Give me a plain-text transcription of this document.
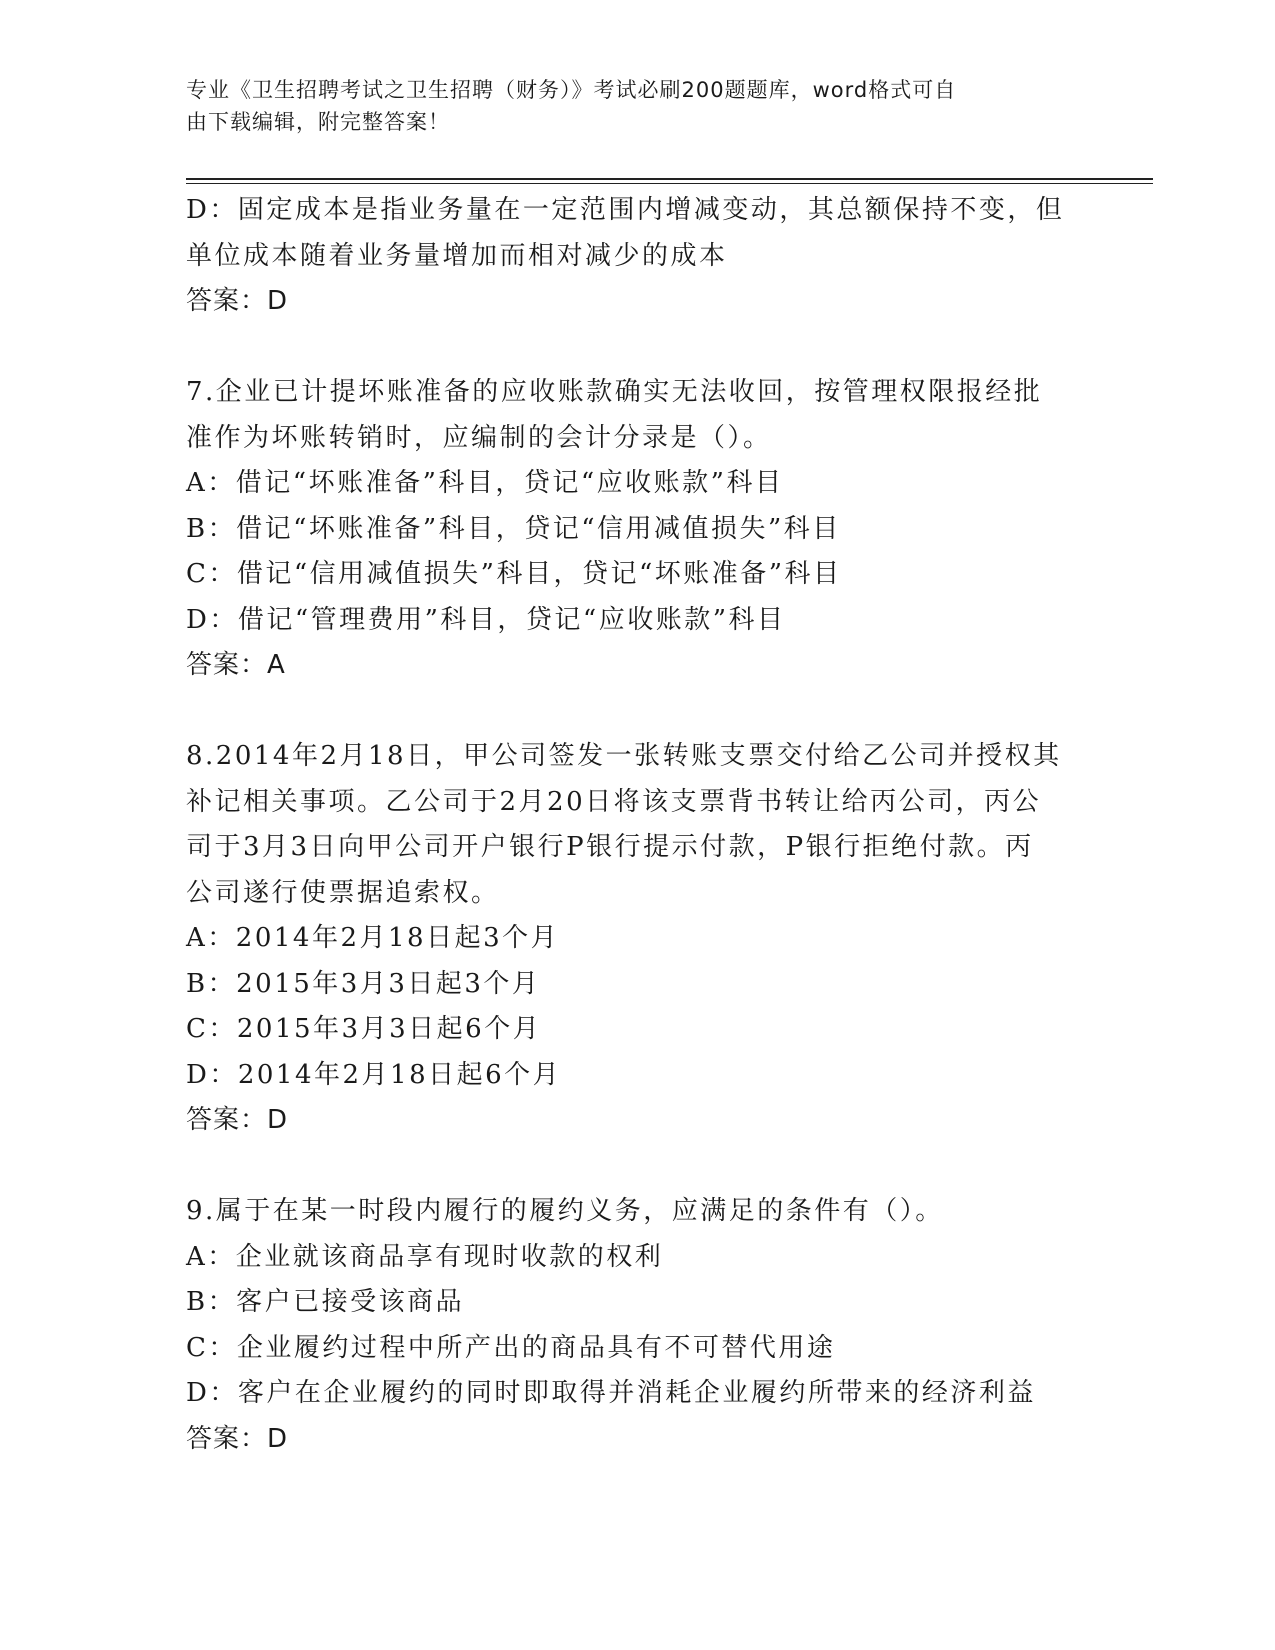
专业《卫生招聘考试之卫生招聘（财务）》考试必刷200题题库，word格式可自
由下载编辑，附完整答案！
D：固定成本是指业务量在一定范围内增减变动，其总额保持不变，但
单位成本随着业务量增加而相对减少的成本
答案：D
7.企业已计提坏账准备的应收账款确实无法收回，按管理权限报经批
准作为坏账转销时，应编制的会计分录是（）。
A：借记“坏账准备”科目，贷记“应收账款”科目
B：借记“坏账准备”科目，贷记“信用减值损失”科目
C：借记“信用减值损失”科目，贷记“坏账准备”科目
D：借记“管理费用”科目，贷记“应收账款”科目
答案：A
8.2014年2月18日，甲公司签发一张转账支票交付给乙公司并授权其
补记相关事项。乙公司于2月20日将该支票背书转让给丙公司，丙公
司于3月3日向甲公司开户银行P银行提示付款，P银行拒绝付款。丙
公司遂行使票据追索权。
A：2014年2月18日起3个月
B：2015年3月3日起3个月
C：2015年3月3日起6个月
D：2014年2月18日起6个月
答案：D
9.属于在某一时段内履行的履约义务，应满足的条件有（）。
A：企业就该商品享有现时收款的权利
B：客户已接受该商品
C：企业履约过程中所产出的商品具有不可替代用途
D：客户在企业履约的同时即取得并消耗企业履约所带来的经济利益
答案：D
